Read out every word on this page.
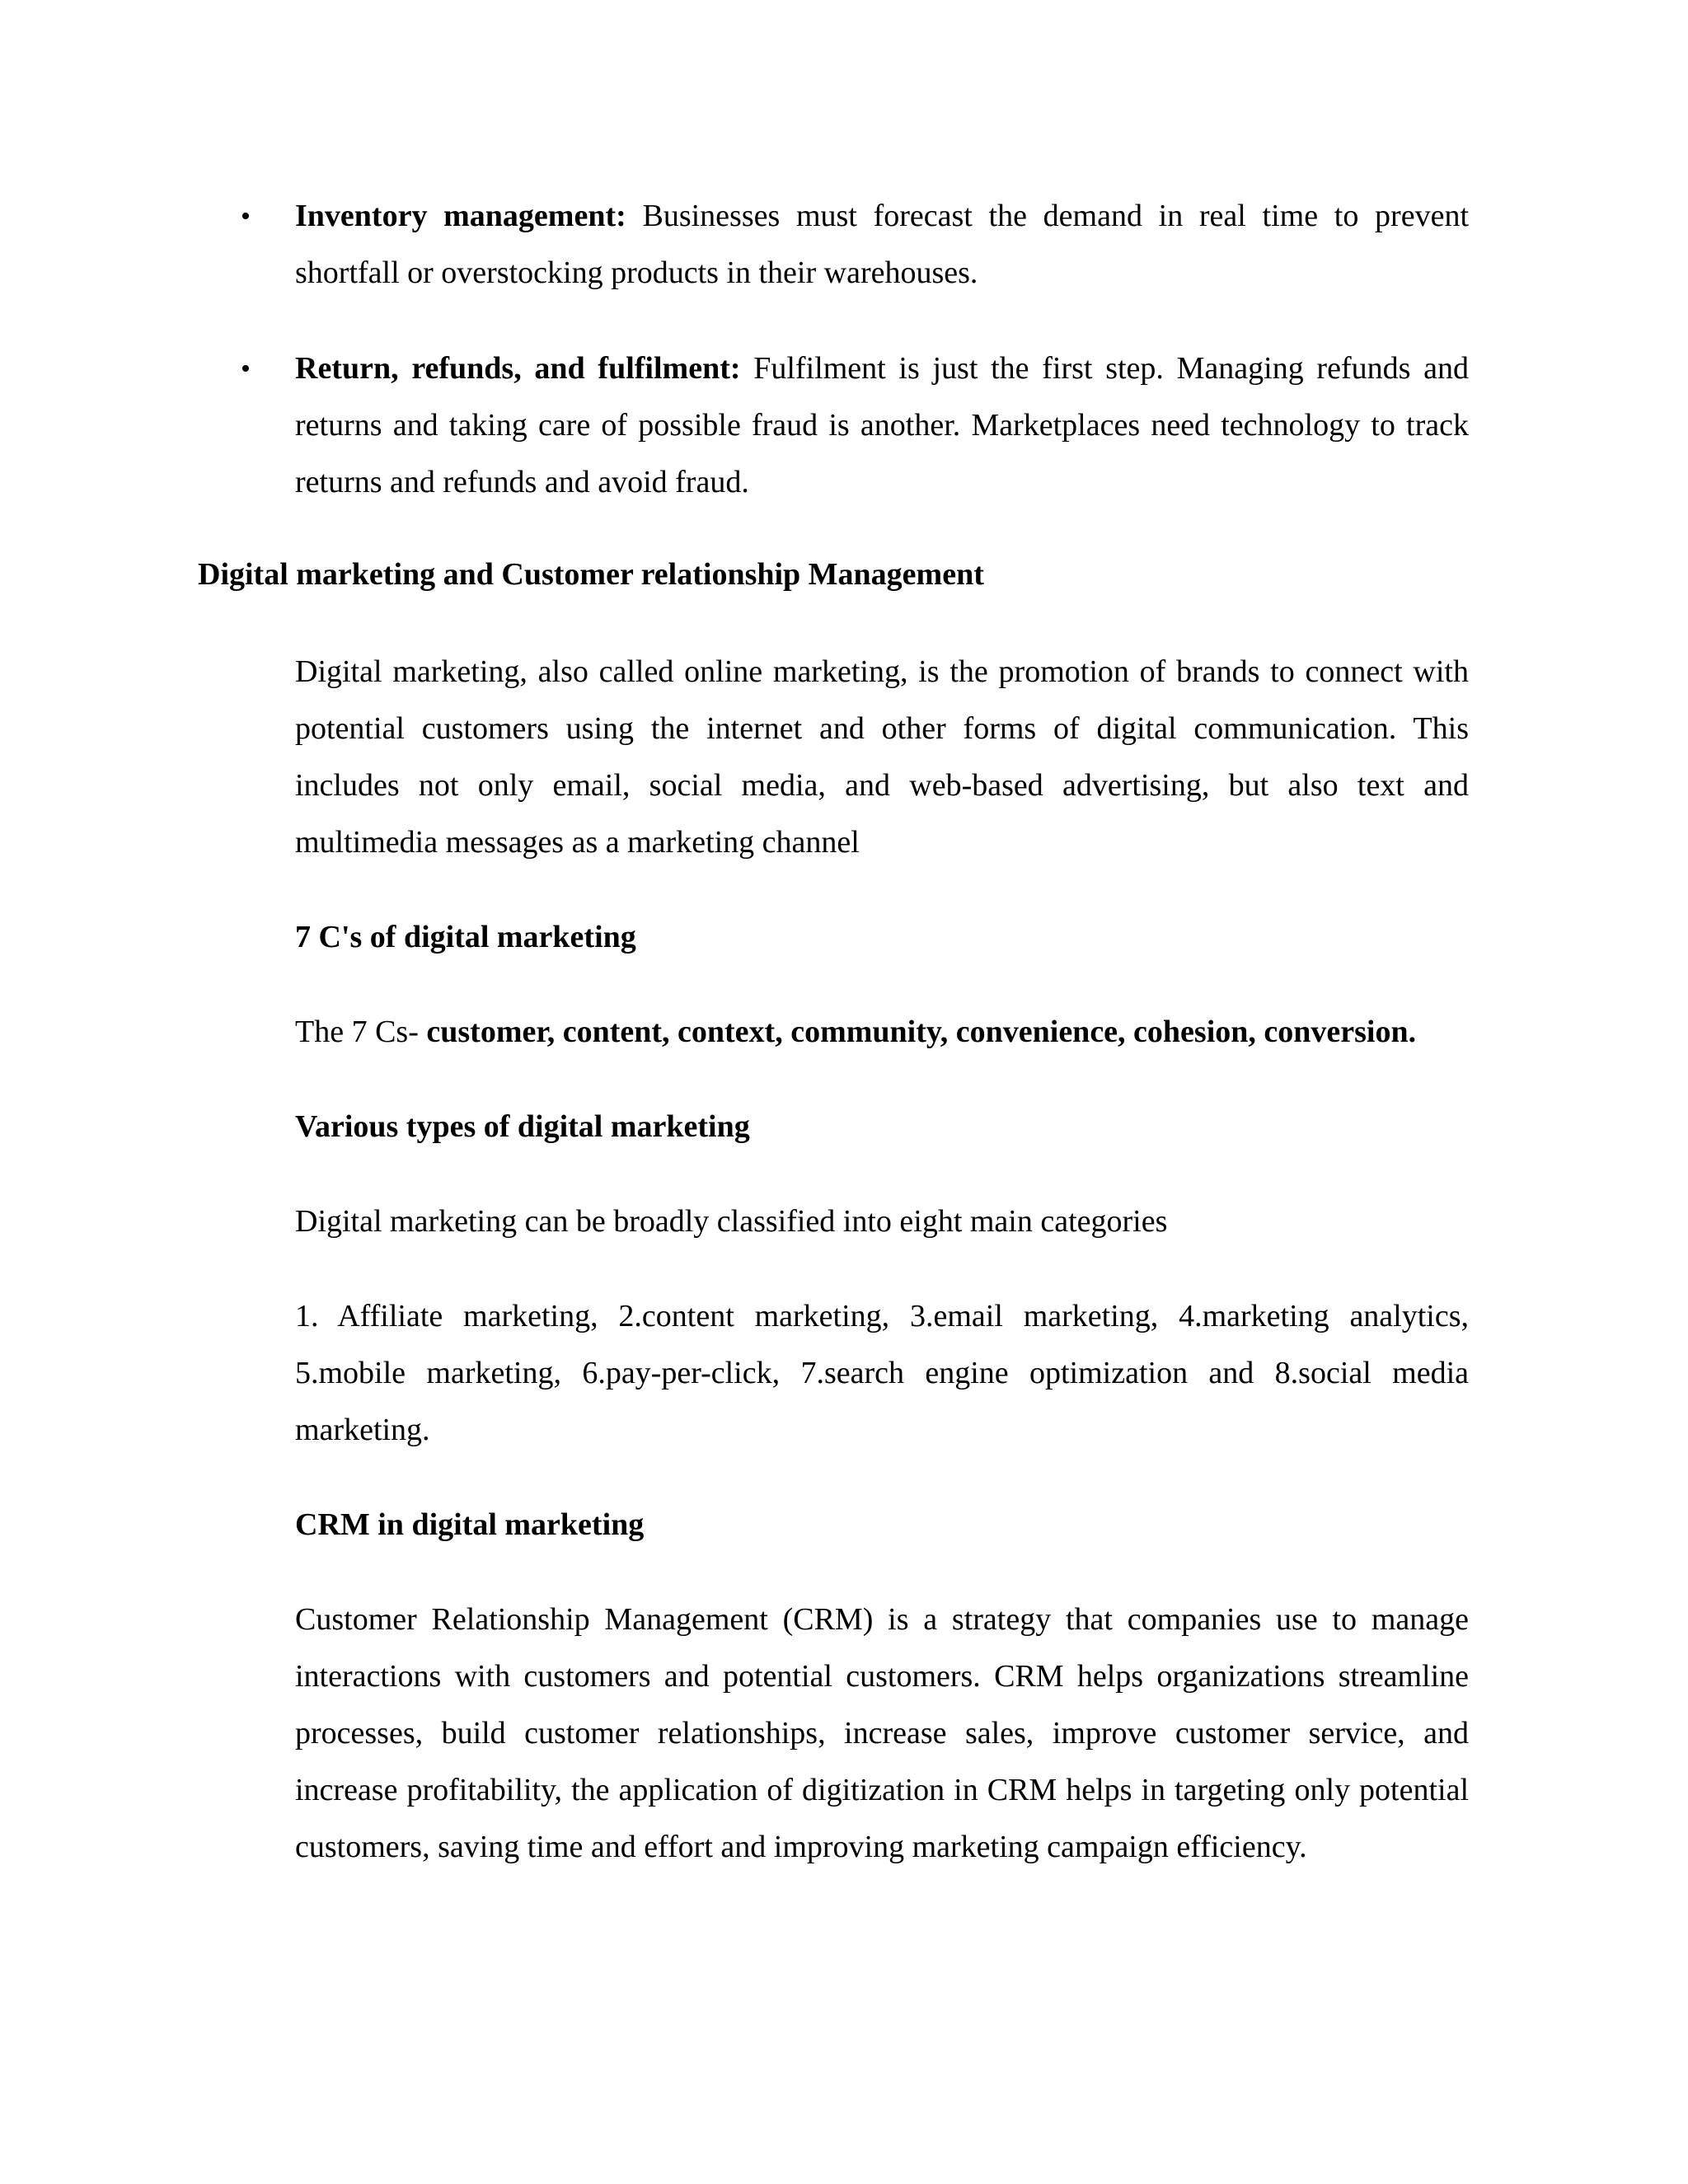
• Inventory management: Businesses must forecast the demand in real time to prevent shortfall or overstocking products in their warehouses.

• Return, refunds, and fulfilment: Fulfilment is just the first step. Managing refunds and returns and taking care of possible fraud is another. Marketplaces need technology to track returns and refunds and avoid fraud.

Digital marketing and Customer relationship Management

Digital marketing, also called online marketing, is the promotion of brands to connect with potential customers using the internet and other forms of digital communication. This includes not only email, social media, and web-based advertising, but also text and multimedia messages as a marketing channel

7 C's of digital marketing

The 7 Cs- customer, content, context, community, convenience, cohesion, conversion.

Various types of digital marketing

Digital marketing can be broadly classified into eight main categories

1. Affiliate marketing, 2.content marketing, 3.email marketing, 4.marketing analytics, 5.mobile marketing, 6.pay-per-click, 7.search engine optimization and 8.social media marketing.

CRM in digital marketing

Customer Relationship Management (CRM) is a strategy that companies use to manage interactions with customers and potential customers. CRM helps organizations streamline processes, build customer relationships, increase sales, improve customer service, and increase profitability, the application of digitization in CRM helps in targeting only potential customers, saving time and effort and improving marketing campaign efficiency.
